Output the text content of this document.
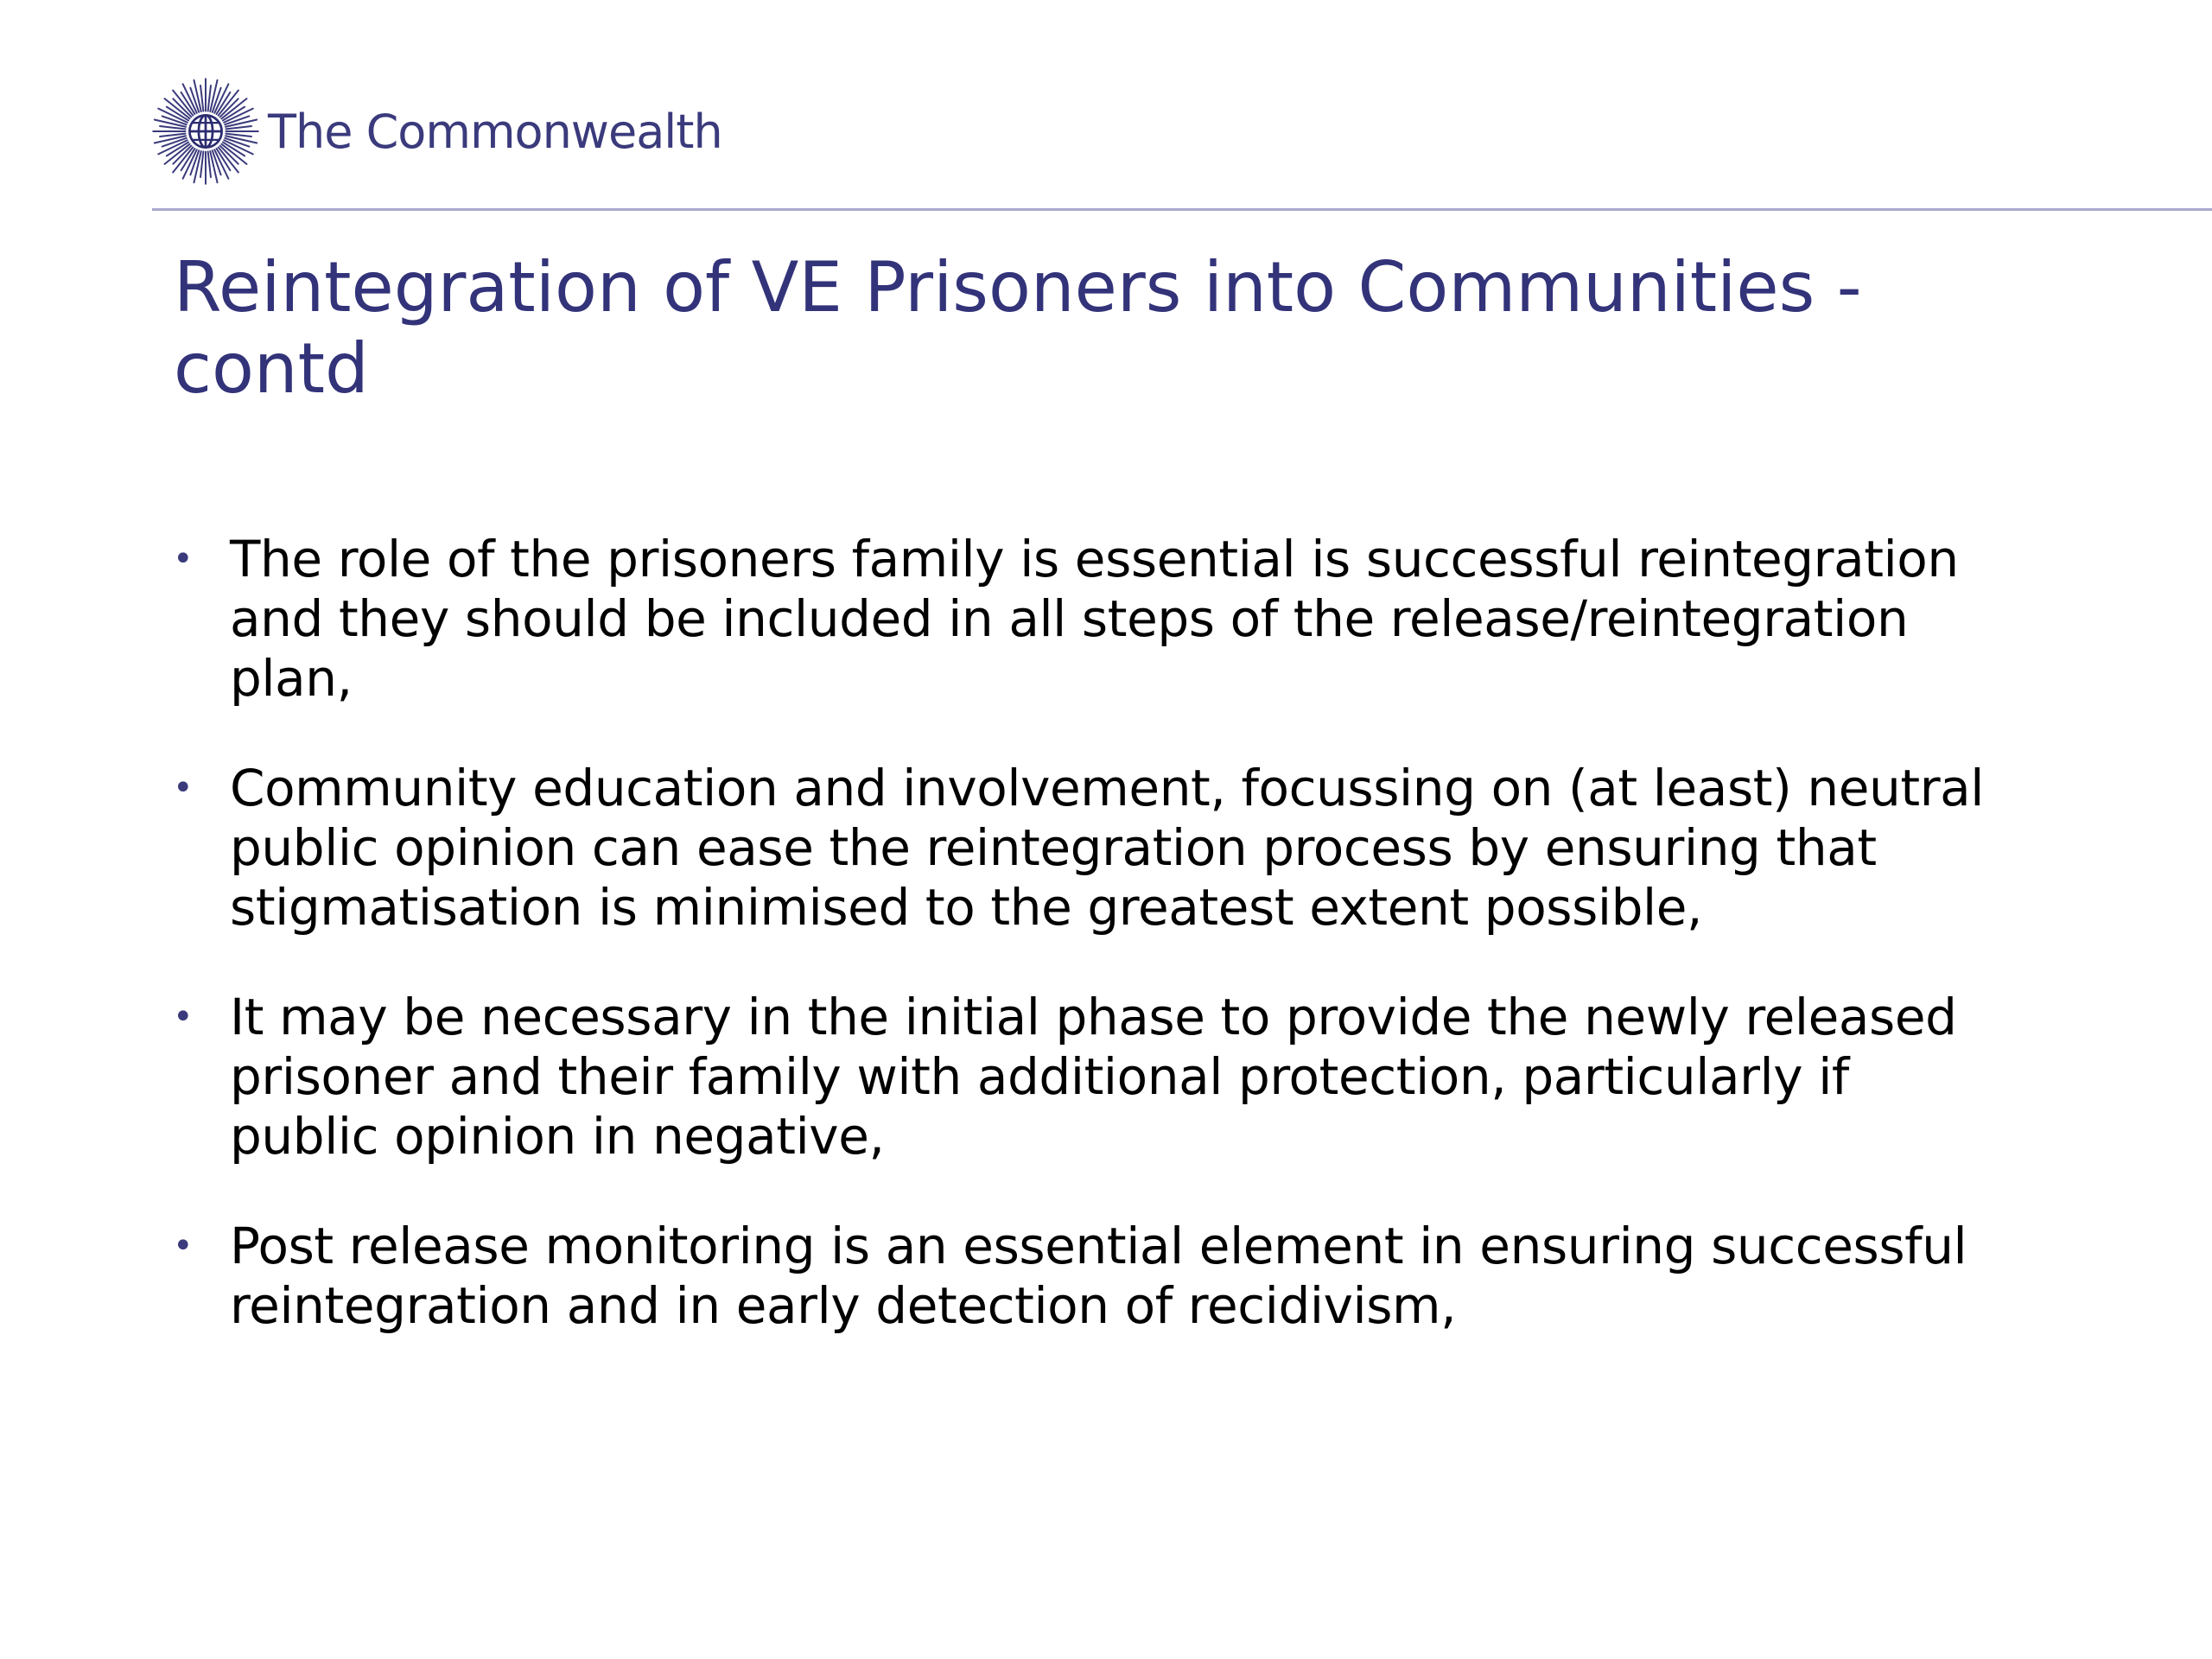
The Commonwealth
Reintegration of VE Prisoners into Communities -
contd
• The role of the prisoners family is essential is successful reintegration
and they should be included in all steps of the release/reintegration
plan,
• Community education and involvement, focussing on (at least) neutral
public opinion can ease the reintegration process by ensuring that
stigmatisation is minimised to the greatest extent possible,
• It may be necessary in the initial phase to provide the newly released
prisoner and their family with additional protection, particularly if
public opinion in negative,
• Post release monitoring is an essential element in ensuring successful
reintegration and in early detection of recidivism,
